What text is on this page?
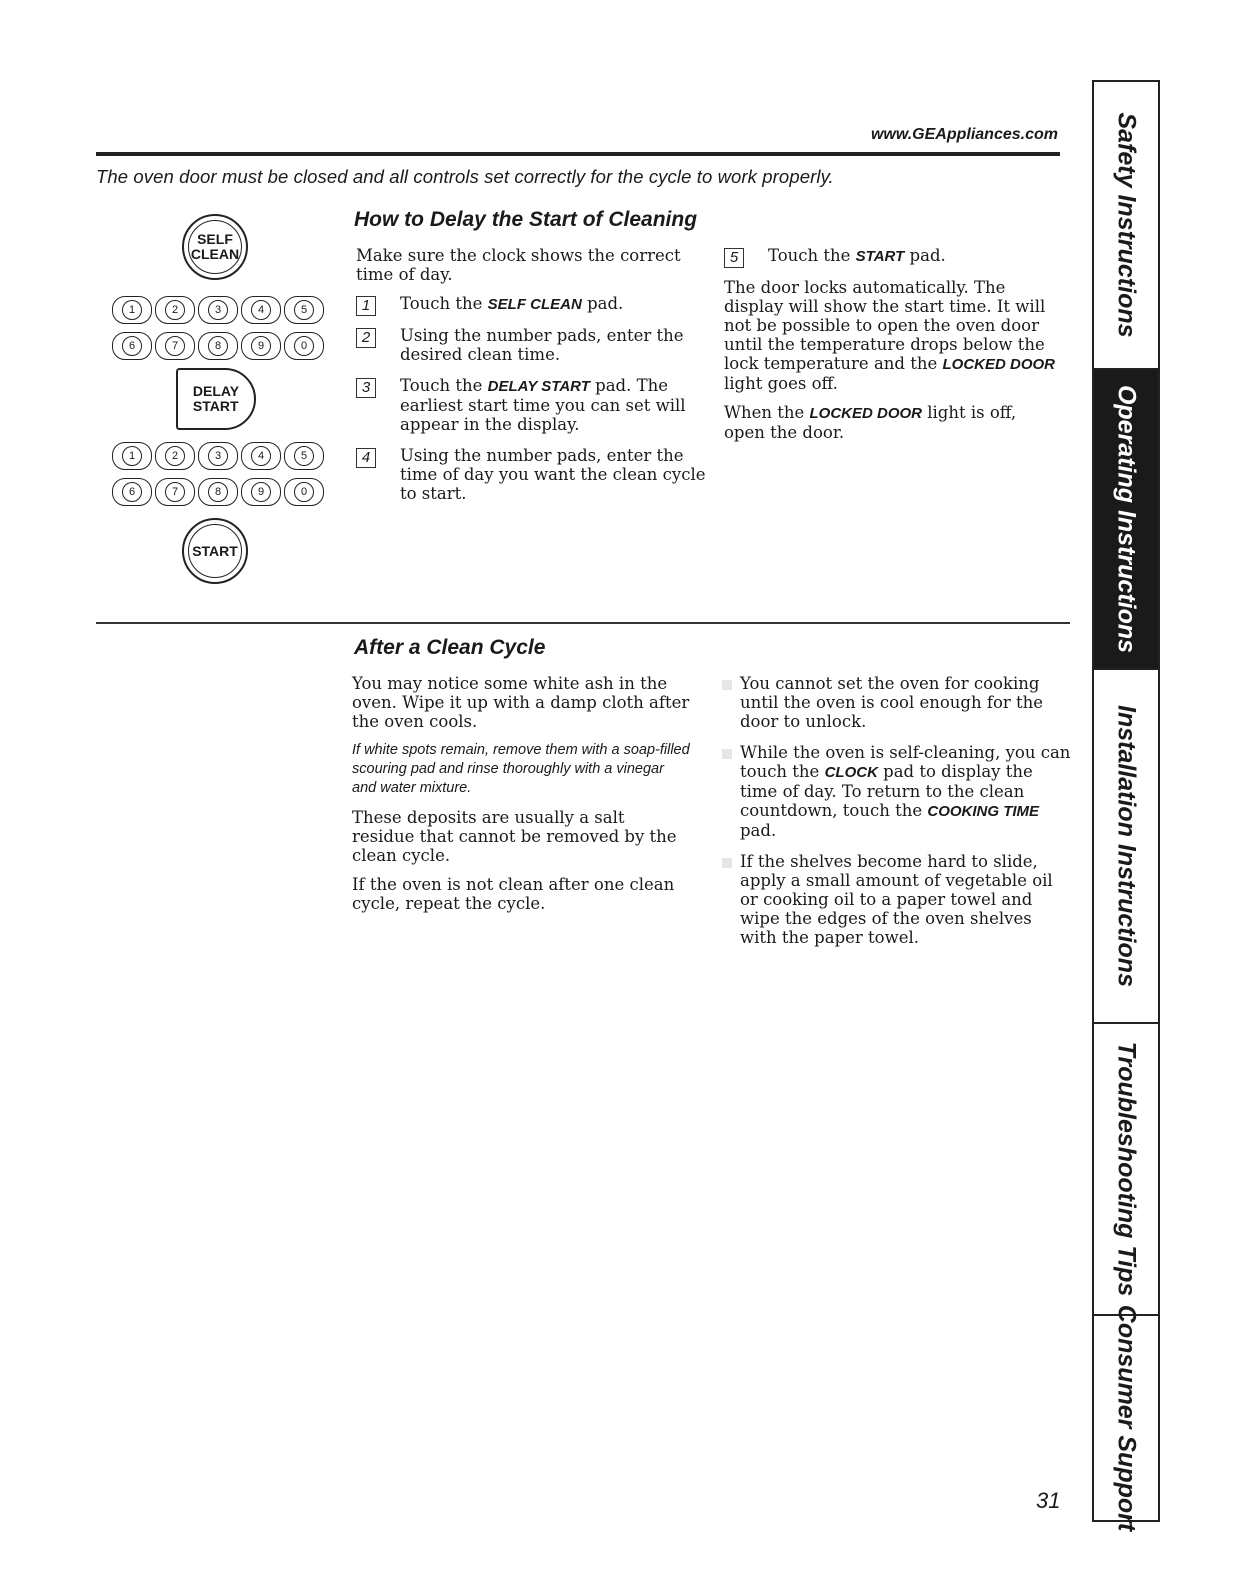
www.GEAppliances.com
The oven door must be closed and all controls set correctly for the cycle to work properly.
SELF
CLEAN
1	2	3	4	5
6	7	8	9	0
DELAY
START
1	2	3	4	5
6	7	8	9	0
START
How to Delay the Start of Cleaning

Make sure the clock shows the correct time of day.

1	Touch the SELF CLEAN pad.
2	Using the number pads, enter the desired clean time.
3	Touch the DELAY START pad. The earliest start time you can set will appear in the display.
4	Using the number pads, enter the time of day you want the clean cycle to start.
5	Touch the START pad.

The door locks automatically. The display will show the start time. It will not be possible to open the oven door until the temperature drops below the lock temperature and the LOCKED DOOR light goes off.

When the LOCKED DOOR light is off, open the door.

After a Clean Cycle

You may notice some white ash in the oven. Wipe it up with a damp cloth after the oven cools.

If white spots remain, remove them with a soap-filled scouring pad and rinse thoroughly with a vinegar and water mixture.

These deposits are usually a salt residue that cannot be removed by the clean cycle.

If the oven is not clean after one clean cycle, repeat the cycle.

You cannot set the oven for cooking until the oven is cool enough for the door to unlock.
While the oven is self-cleaning, you can touch the CLOCK pad to display the time of day. To return to the clean countdown, touch the COOKING TIME pad.
If the shelves become hard to slide, apply a small amount of vegetable oil or cooking oil to a paper towel and wipe the edges of the oven shelves with the paper towel.
31
Safety Instructions
Operating Instructions
Installation Instructions
Troubleshooting Tips
Consumer Support
